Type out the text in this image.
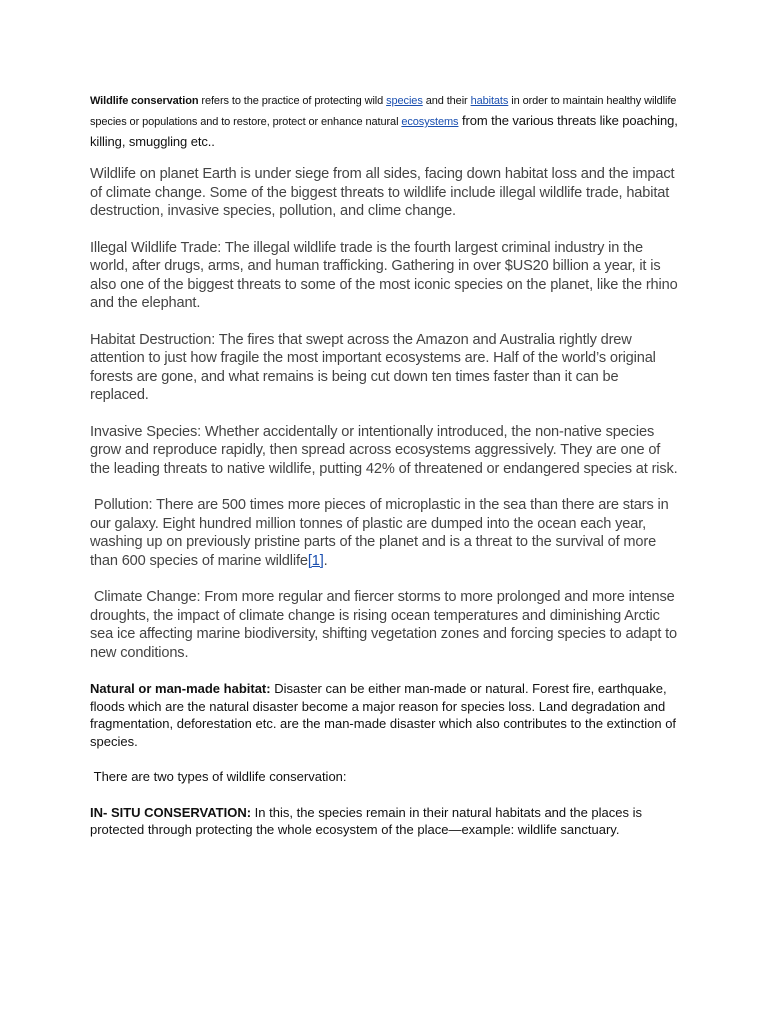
Wildlife conservation refers to the practice of protecting wild species and their habitats in order to maintain healthy wildlife species or populations and to restore, protect or enhance natural ecosystems from the various threats like poaching, killing, smuggling etc..

Wildlife on planet Earth is under siege from all sides, facing down habitat loss and the impact of climate change. Some of the biggest threats to wildlife include illegal wildlife trade, habitat destruction, invasive species, pollution, and clime change.

Illegal Wildlife Trade: The illegal wildlife trade is the fourth largest criminal industry in the world, after drugs, arms, and human trafficking. Gathering in over $US20 billion a year, it is also one of the biggest threats to some of the most iconic species on the planet, like the rhino and the elephant.

Habitat Destruction: The fires that swept across the Amazon and Australia rightly drew attention to just how fragile the most important ecosystems are. Half of the world’s original forests are gone, and what remains is being cut down ten times faster than it can be replaced.

Invasive Species: Whether accidentally or intentionally introduced, the non-native species grow and reproduce rapidly, then spread across ecosystems aggressively. They are one of the leading threats to native wildlife, putting 42% of threatened or endangered species at risk.

Pollution: There are 500 times more pieces of microplastic in the sea than there are stars in our galaxy. Eight hundred million tonnes of plastic are dumped into the ocean each year, washing up on previously pristine parts of the planet and is a threat to the survival of more than 600 species of marine wildlife[1].

Climate Change: From more regular and fiercer storms to more prolonged and more intense droughts, the impact of climate change is rising ocean temperatures and diminishing Arctic sea ice affecting marine biodiversity, shifting vegetation zones and forcing species to adapt to new conditions.

Natural or man-made habitat: Disaster can be either man-made or natural. Forest fire, earthquake, floods which are the natural disaster become a major reason for species loss. Land degradation and fragmentation, deforestation etc. are the man-made disaster which also contributes to the extinction of species.

There are two types of wildlife conservation:

IN- SITU CONSERVATION: In this, the species remain in their natural habitats and the places is protected through protecting the whole ecosystem of the place—example: wildlife sanctuary.
